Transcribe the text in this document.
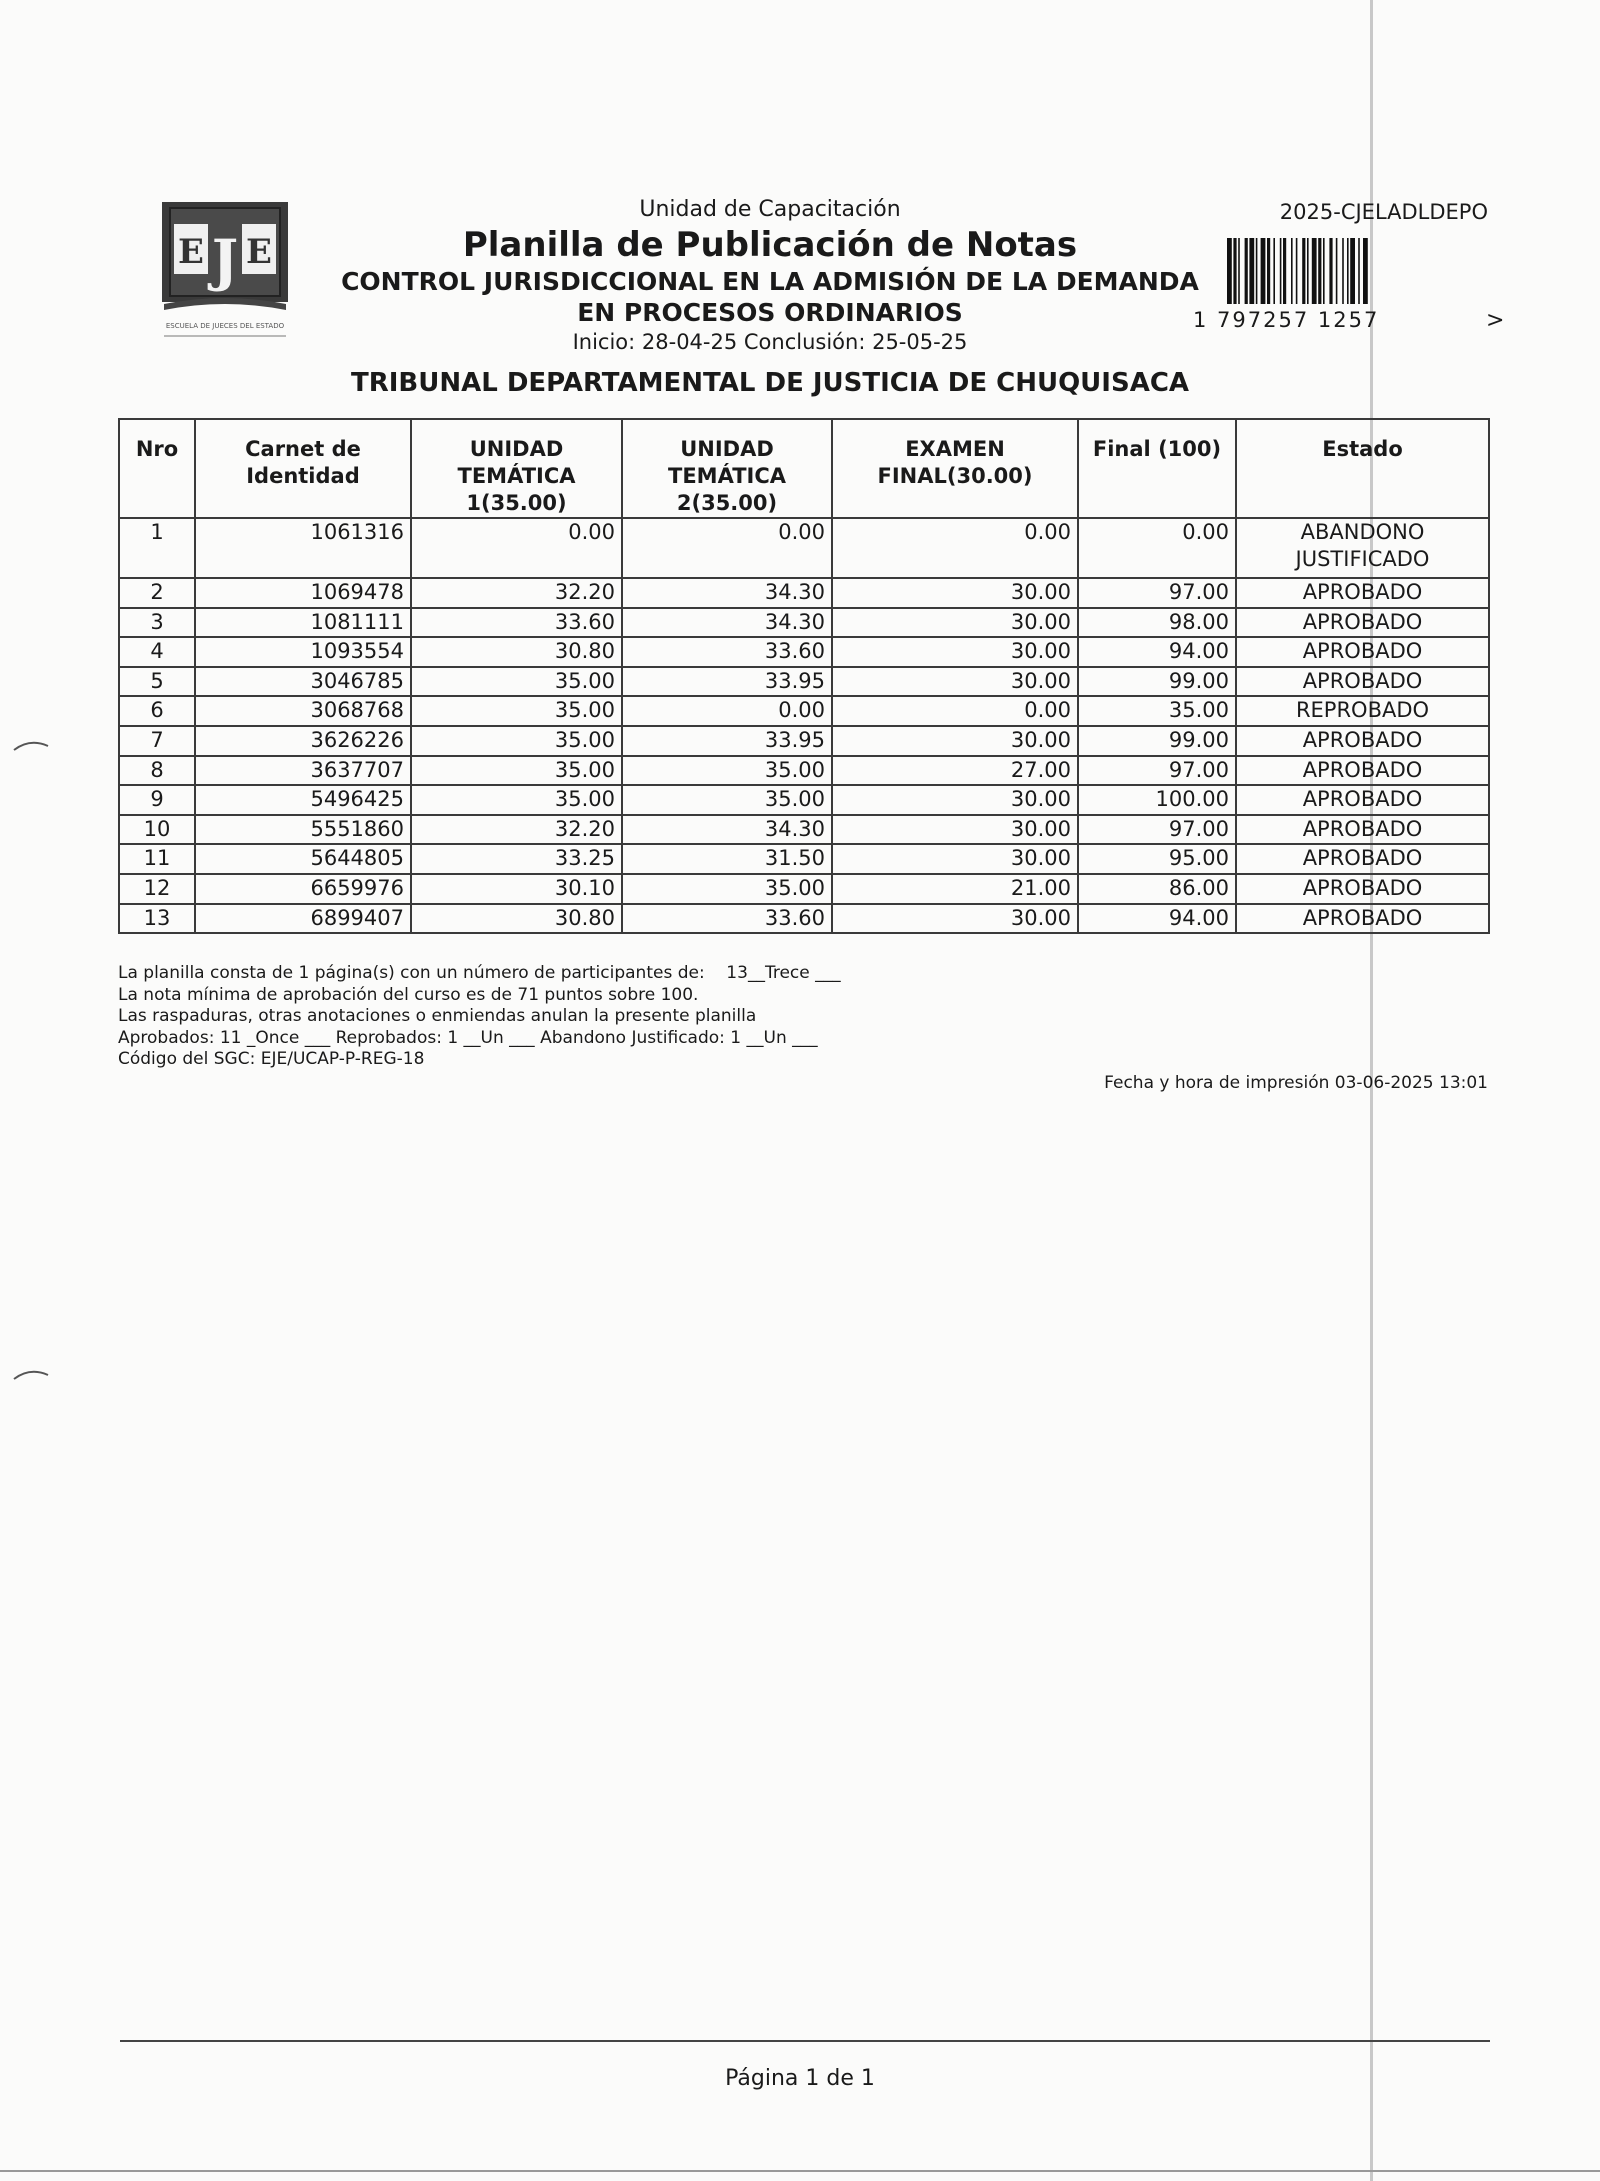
E J E
ESCUELA DE JUECES DEL ESTADO
Unidad de Capacitación
Planilla de Publicación de Notas
CONTROL JURISDICCIONAL EN LA ADMISIÓN DE LA DEMANDA
EN PROCESOS ORDINARIOS
Inicio: 28-04-25 Conclusión: 25-05-25
TRIBUNAL DEPARTAMENTAL DE JUSTICIA DE CHUQUISACA
2025-CJELADLDEPO
1 797257 1257	>
Nro	Carnet de Identidad	UNIDAD TEMÁTICA 1(35.00)	UNIDAD TEMÁTICA 2(35.00)	EXAMEN FINAL(30.00)	Final (100)	Estado
1	1061316	0.00	0.00	0.00	0.00	ABANDONO JUSTIFICADO
2	1069478	32.20	34.30	30.00	97.00	APROBADO
3	1081111	33.60	34.30	30.00	98.00	APROBADO
4	1093554	30.80	33.60	30.00	94.00	APROBADO
5	3046785	35.00	33.95	30.00	99.00	APROBADO
6	3068768	35.00	0.00	0.00	35.00	REPROBADO
7	3626226	35.00	33.95	30.00	99.00	APROBADO
8	3637707	35.00	35.00	27.00	97.00	APROBADO
9	5496425	35.00	35.00	30.00	100.00	APROBADO
10	5551860	32.20	34.30	30.00	97.00	APROBADO
11	5644805	33.25	31.50	30.00	95.00	APROBADO
12	6659976	30.10	35.00	21.00	86.00	APROBADO
13	6899407	30.80	33.60	30.00	94.00	APROBADO
La planilla consta de 1 página(s) con un número de participantes de:    13__Trece ___
La nota mínima de aprobación del curso es de 71 puntos sobre 100.
Las raspaduras, otras anotaciones o enmiendas anulan la presente planilla
Aprobados: 11 _Once ___ Reprobados: 1 __Un ___ Abandono Justificado: 1 __Un ___
Código del SGC: EJE/UCAP-P-REG-18
Fecha y hora de impresión 03-06-2025 13:01
Página 1 de 1
